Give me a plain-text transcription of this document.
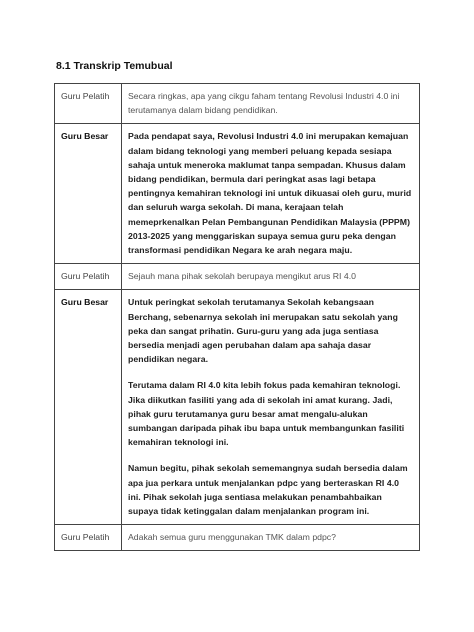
8.1 Transkrip Temubual
Guru Pelatih	Secara ringkas, apa yang cikgu faham tentang Revolusi Industri 4.0 ini terutamanya dalam bidang pendidikan.

Guru Besar	Pada pendapat saya, Revolusi Industri 4.0 ini merupakan kemajuan dalam bidang teknologi yang memberi peluang kepada sesiapa sahaja untuk meneroka maklumat tanpa sempadan. Khusus dalam bidang pendidikan, bermula dari peringkat asas lagi betapa pentingnya kemahiran teknologi ini untuk dikuasai oleh guru, murid dan seluruh warga sekolah. Di mana, kerajaan telah memeprkenalkan Pelan Pembangunan Pendidikan Malaysia (PPPM) 2013-2025 yang menggariskan supaya semua guru peka dengan transformasi pendidikan Negara ke arah negara maju.

Guru Pelatih	Sejauh mana pihak sekolah berupaya mengikut arus RI 4.0

Guru Besar	Untuk peringkat sekolah terutamanya Sekolah kebangsaan Berchang, sebenarnya sekolah ini merupakan satu sekolah yang peka dan sangat prihatin. Guru-guru yang ada juga sentiasa bersedia menjadi agen perubahan dalam apa sahaja dasar pendidikan negara.

Terutama dalam RI 4.0 kita lebih fokus pada kemahiran teknologi. Jika diikutkan fasiliti yang ada di sekolah ini amat kurang. Jadi, pihak guru terutamanya guru besar amat mengalu-alukan sumbangan daripada pihak ibu bapa untuk membangunkan fasiliti kemahiran teknologi ini.

Namun begitu, pihak sekolah sememangnya sudah bersedia dalam apa jua perkara untuk menjalankan pdpc yang berteraskan RI 4.0 ini. Pihak sekolah juga sentiasa melakukan penambahbaikan supaya tidak ketinggalan dalam menjalankan program ini.

Guru Pelatih	Adakah semua guru menggunakan TMK dalam pdpc?
